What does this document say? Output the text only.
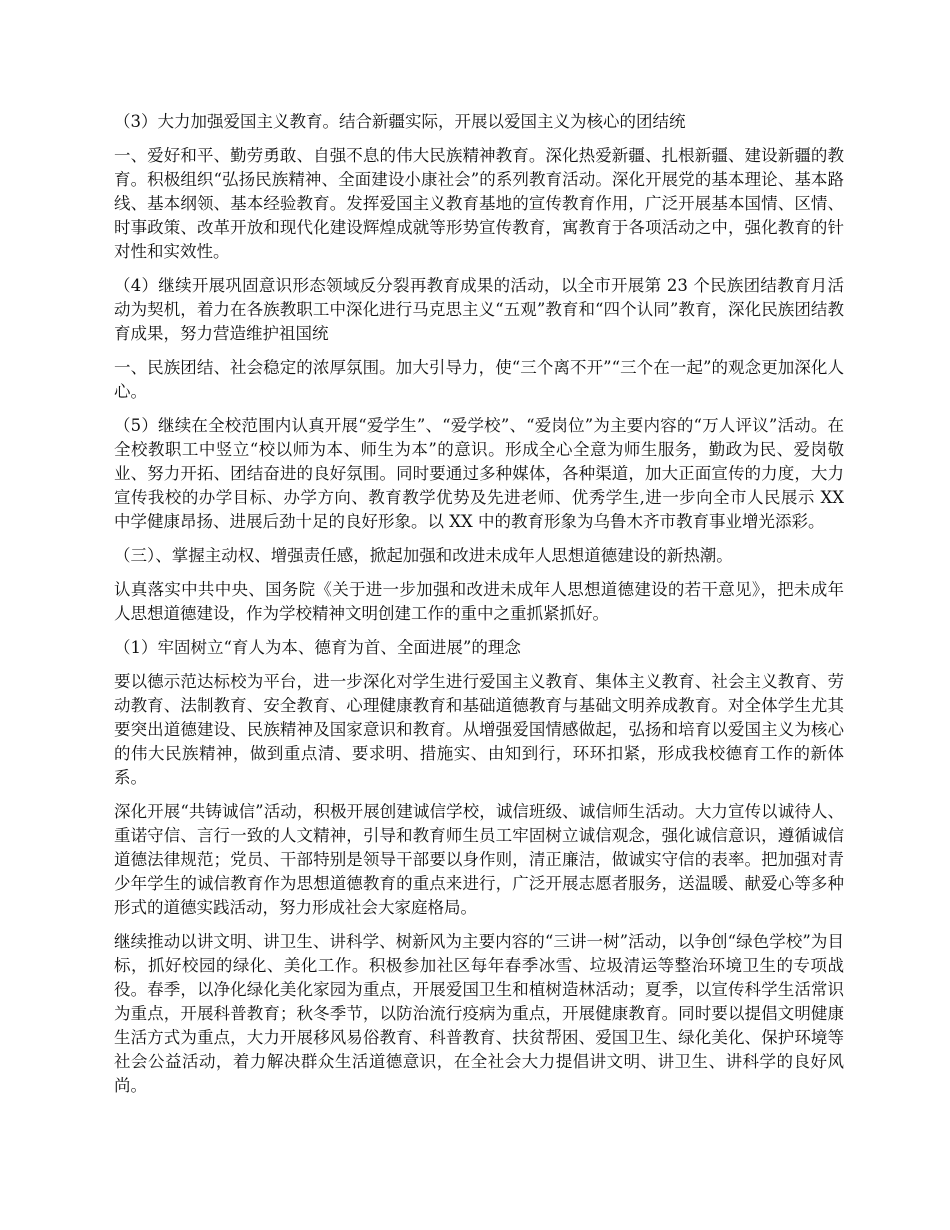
（3）大力加强爱国主义教育。结合新疆实际，开展以爱国主义为核心的团结统

一、爱好和平、勤劳勇敢、自强不息的伟大民族精神教育。深化热爱新疆、扎根新疆、建设新疆的教育。积极组织“弘扬民族精神、全面建设小康社会”的系列教育活动。深化开展党的基本理论、基本路线、基本纲领、基本经验教育。发挥爱国主义教育基地的宣传教育作用，广泛开展基本国情、区情、时事政策、改革开放和现代化建设辉煌成就等形势宣传教育，寓教育于各项活动之中，强化教育的针对性和实效性。

（4）继续开展巩固意识形态领域反分裂再教育成果的活动，以全市开展第 23 个民族团结教育月活动为契机，着力在各族教职工中深化进行马克思主义“五观”教育和“四个认同”教育，深化民族团结教育成果，努力营造维护祖国统

一、民族团结、社会稳定的浓厚氛围。加大引导力，使“三个离不开”“三个在一起”的观念更加深化人心。

（5）继续在全校范围内认真开展“爱学生”、“爱学校”、“爱岗位”为主要内容的“万人评议”活动。在全校教职工中竖立“校以师为本、师生为本”的意识。形成全心全意为师生服务，勤政为民、爱岗敬业、努力开拓、团结奋进的良好氛围。同时要通过多种媒体，各种渠道，加大正面宣传的力度，大力宣传我校的办学目标、办学方向、教育教学优势及先进老师、优秀学生,进一步向全市人民展示 XX 中学健康昂扬、进展后劲十足的良好形象。以 XX 中的教育形象为乌鲁木齐市教育事业增光添彩。

（三）、掌握主动权、增强责任感，掀起加强和改进未成年人思想道德建设的新热潮。

认真落实中共中央、国务院《关于进一步加强和改进未成年人思想道德建设的若干意见》，把未成年人思想道德建设，作为学校精神文明创建工作的重中之重抓紧抓好。

（1）牢固树立“育人为本、德育为首、全面进展”的理念

要以德示范达标校为平台，进一步深化对学生进行爱国主义教育、集体主义教育、社会主义教育、劳动教育、法制教育、安全教育、心理健康教育和基础道德教育与基础文明养成教育。对全体学生尤其要突出道德建设、民族精神及国家意识和教育。从增强爱国情感做起，弘扬和培育以爱国主义为核心的伟大民族精神，做到重点清、要求明、措施实、由知到行，环环扣紧，形成我校德育工作的新体系。

深化开展“共铸诚信”活动，积极开展创建诚信学校，诚信班级、诚信师生活动。大力宣传以诚待人、重诺守信、言行一致的人文精神，引导和教育师生员工牢固树立诚信观念，强化诚信意识，遵循诚信道德法律规范；党员、干部特别是领导干部要以身作则，清正廉洁，做诚实守信的表率。把加强对青少年学生的诚信教育作为思想道德教育的重点来进行，广泛开展志愿者服务，送温暖、献爱心等多种形式的道德实践活动，努力形成社会大家庭格局。

继续推动以讲文明、讲卫生、讲科学、树新风为主要内容的“三讲一树”活动，以争创“绿色学校”为目标，抓好校园的绿化、美化工作。积极参加社区每年春季冰雪、垃圾清运等整治环境卫生的专项战役。春季，以净化绿化美化家园为重点，开展爱国卫生和植树造林活动；夏季，以宣传科学生活常识为重点，开展科普教育；秋冬季节，以防治流行疫病为重点，开展健康教育。同时要以提倡文明健康生活方式为重点，大力开展移风易俗教育、科普教育、扶贫帮困、爱国卫生、绿化美化、保护环境等社会公益活动，着力解决群众生活道德意识，在全社会大力提倡讲文明、讲卫生、讲科学的良好风尚。
